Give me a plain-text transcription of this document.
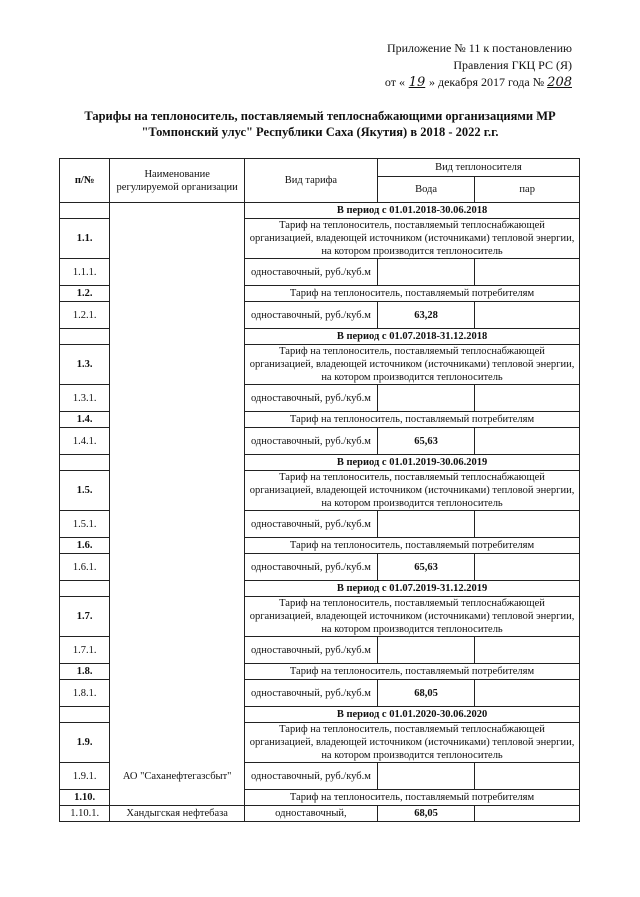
Приложение № 11 к постановлению
Правления ГКЦ РС (Я)
от « 19 » декабря 2017 года № 208
Тарифы на теплоноситель, поставляемый теплоснабжающими организациями МР
"Томпонский улус" Республики Саха (Якутия) в 2018 - 2022 г.г.
п/№	Наименование регулируемой организации	Вид тарифа	Вид теплоносителя	
			Вода	пар
	АО "Саханефтегазсбыт"	В период с 01.01.2018-30.06.2018		
1.1.		Тариф на теплоноситель, поставляемый теплоснабжающей организацией, владеющей источником (источниками) тепловой энергии, на котором производится теплоноситель		
1.1.1.		одноставочный, руб./куб.м		
1.2.		Тариф на теплоноситель, поставляемый потребителям		
1.2.1.		одноставочный, руб./куб.м	63,28	
		В период с 01.07.2018-31.12.2018		
1.3.		Тариф на теплоноситель, поставляемый теплоснабжающей организацией, владеющей источником (источниками) тепловой энергии, на котором производится теплоноситель		
1.3.1.		одноставочный, руб./куб.м		
1.4.		Тариф на теплоноситель, поставляемый потребителям		
1.4.1.		одноставочный, руб./куб.м	65,63	
		В период с 01.01.2019-30.06.2019		
1.5.		Тариф на теплоноситель, поставляемый теплоснабжающей организацией, владеющей источником (источниками) тепловой энергии, на котором производится теплоноситель		
1.5.1.		одноставочный, руб./куб.м		
1.6.		Тариф на теплоноситель, поставляемый потребителям		
1.6.1.		одноставочный, руб./куб.м	65,63	
		В период с 01.07.2019-31.12.2019		
1.7.		Тариф на теплоноситель, поставляемый теплоснабжающей организацией, владеющей источником (источниками) тепловой энергии, на котором производится теплоноситель		
1.7.1.		одноставочный, руб./куб.м		
1.8.		Тариф на теплоноситель, поставляемый потребителям		
1.8.1.		одноставочный, руб./куб.м	68,05	
		В период с 01.01.2020-30.06.2020		
1.9.		Тариф на теплоноситель, поставляемый теплоснабжающей организацией, владеющей источником (источниками) тепловой энергии, на котором производится теплоноситель		
1.9.1.		одноставочный, руб./куб.м		
1.10.		Тариф на теплоноситель, поставляемый потребителям		
1.10.1.	Хандыгская нефтебаза	одноставочный,	68,05	
